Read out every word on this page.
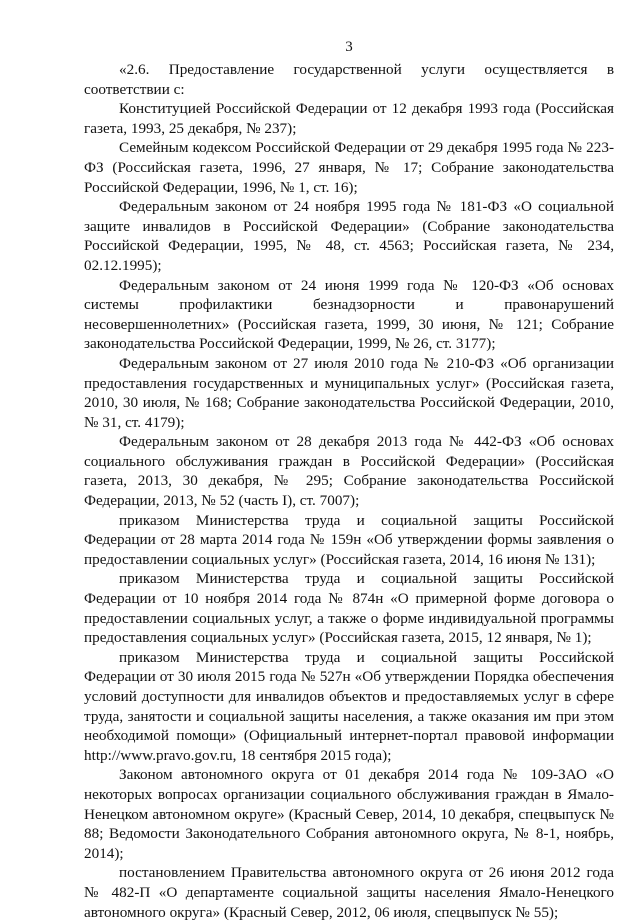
3

«2.6. Предоставление государственной услуги осуществляется в соответствии с:

Конституцией Российской Федерации от 12 декабря 1993 года (Российская газета, 1993, 25 декабря, № 237);

Семейным кодексом Российской Федерации от 29 декабря 1995 года № 223-ФЗ (Российская газета, 1996, 27 января, № 17; Собрание законодательства Российской Федерации, 1996, № 1, ст. 16);

Федеральным законом от 24 ноября 1995 года № 181-ФЗ «О социальной защите инвалидов в Российской Федерации» (Собрание законодательства Российской Федерации, 1995, № 48, ст. 4563; Российская газета, № 234, 02.12.1995);

Федеральным законом от 24 июня 1999 года № 120-ФЗ «Об основах системы профилактики безнадзорности и правонарушений несовершеннолетних» (Российская газета, 1999, 30 июня, № 121; Собрание законодательства Российской Федерации, 1999, № 26, ст. 3177);

Федеральным законом от 27 июля 2010 года № 210-ФЗ «Об организации предоставления государственных и муниципальных услуг» (Российская газета, 2010, 30 июля, № 168; Собрание законодательства Российской Федерации, 2010, № 31, ст. 4179);

Федеральным законом от 28 декабря 2013 года № 442-ФЗ «Об основах социального обслуживания граждан в Российской Федерации» (Российская газета, 2013, 30 декабря, № 295; Собрание законодательства Российской Федерации, 2013, № 52 (часть I), ст. 7007);

приказом Министерства труда и социальной защиты Российской Федерации от 28 марта 2014 года № 159н «Об утверждении формы заявления о предоставлении социальных услуг» (Российская газета, 2014, 16 июня № 131);

приказом Министерства труда и социальной защиты Российской Федерации от 10 ноября 2014 года № 874н «О примерной форме договора о предоставлении социальных услуг, а также о форме индивидуальной программы предоставления социальных услуг» (Российская газета, 2015, 12 января, № 1);

приказом Министерства труда и социальной защиты Российской Федерации от 30 июля 2015 года № 527н «Об утверждении Порядка обеспечения условий доступности для инвалидов объектов и предоставляемых услуг в сфере труда, занятости и социальной защиты населения, а также оказания им при этом необходимой помощи» (Официальный интернет-портал правовой информации http://www.pravo.gov.ru, 18 сентября 2015 года);

Законом автономного округа от 01 декабря 2014 года № 109-ЗАО «О некоторых вопросах организации социального обслуживания граждан в Ямало-Ненецком автономном округе» (Красный Север, 2014, 10 декабря, спецвыпуск № 88; Ведомости Законодательного Собрания автономного округа, № 8-1, ноябрь, 2014);

постановлением Правительства автономного округа от 26 июня 2012 года № 482-П «О департаменте социальной защиты населения Ямало-Ненецкого автономного округа» (Красный Север, 2012, 06 июля, спецвыпуск № 55);
